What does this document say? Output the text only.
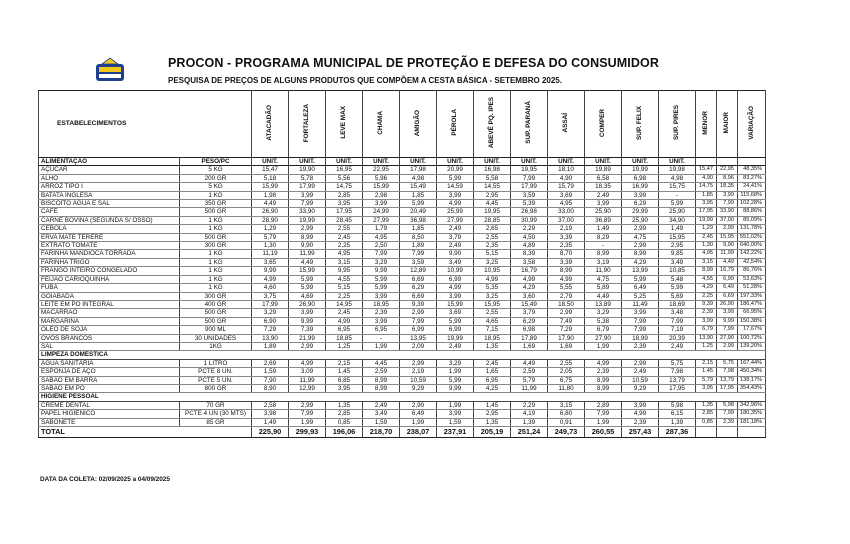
PROCON - PROGRAMA MUNICIPAL DE PROTEÇÃO E DEFESA DO CONSUMIDOR
PESQUISA DE PREÇOS DE ALGUNS PRODUTOS QUE COMPÕEM A CESTA BÁSICA - SETEMBRO 2025.
ESTABELECIMENTOS		ATACADÃO	FORTALEZA	LEVE MAX	CHAMA	AMIGÃO	PÉROLA	ABEVÊ PQ. IPES	SUP. PARANÁ	ASSAÍ	COMPER	SUP. FELIX	SUP. PIRES	MENOR	MAIOR	VARIAÇÃO
ALIMENTAÇÃO	PESO/PC	UNIT.	UNIT.	UNIT.	UNIT.	UNIT.	UNIT.	UNIT.	UNIT.	UNIT.	UNIT.	UNIT.	UNIT.			
AÇÚCAR	5 KG	15,47	19,90	16,95	22,95	17,98	20,99	16,98	19,95	18,10	19,89	19,99	19,98	15,47	22,95	48,35%
ALHO	200 GR	5,18	5,78	5,56	5,96	4,98	5,99	5,58	7,99	4,90	6,58	6,98	4,98	4,90	8,96	83,27%
ARROZ TIPO I	5 KG	15,99	17,99	14,75	15,99	15,49	14,59	14,55	17,99	15,79	18,35	16,99	15,75	14,75	18,35	24,41%
BATATA INGLESA	1 KG	1,98	3,99	2,85	2,98	1,85	3,99	2,95	3,59	3,69	2,49	3,99	-	1,85	3,99	115,68%
BISCOITO ÁGUA E SAL	350 GR	4,49	7,99	3,95	3,99	5,99	4,99	4,45	5,39	4,95	3,99	6,29	5,99	3,95	7,99	102,28%
CAFÉ	500 GR	26,90	33,90	17,95	24,99	20,49	25,99	19,95	26,98	33,00	25,90	29,99	25,90	17,95	33,90	88,86%
CARNE BOVINA (SEGUNDA S/ OSSO)	1 KG	28,90	19,99	28,45	27,99	36,98	27,99	28,85	30,99	37,00	36,89	25,90	34,90	19,99	37,00	85,09%
CEBOLA	1 KG	1,29	2,99	2,55	1,79	1,85	2,49	2,65	2,29	2,19	1,49	2,99	1,49	1,29	2,99	131,78%
ERVA MATE TERERÉ	500 GR	5,79	8,99	2,45	4,95	8,50	3,79	2,55	4,50	3,39	8,29	4,75	15,95	2,45	15,95	551,02%
EXTRATO TOMATE	300 GR	1,30	9,90	2,25	2,50	1,89	2,49	2,35	4,89	2,35	-	2,99	2,95	1,30	9,90	640,00%
FARINHA MANDIOCA TORRADA	1 KG	11,19	11,99	4,95	7,99	7,99	9,90	5,15	8,39	8,70	8,99	8,99	9,85	4,95	11,99	142,22%
FARINHA TRIGO	1 KG	3,65	4,49	3,15	3,29	3,59	3,49	3,25	3,58	3,39	3,19	4,29	3,49	3,15	4,49	42,54%
FRANGO INTEIRO CONGELADO	1 KG	9,99	15,99	9,95	9,99	12,89	10,99	10,95	16,79	8,99	11,90	13,99	10,85	8,99	16,79	86,76%
FEIJÃO CARIOQUINHA	1 KG	4,99	5,99	4,55	5,99	6,69	6,99	4,99	4,99	4,99	4,75	5,99	5,48	4,55	6,99	53,63%
FUBÁ	1 KG	4,60	5,99	5,15	5,99	6,29	4,99	5,35	4,29	5,55	5,89	6,49	5,99	4,29	6,49	51,28%
GOIABADA	300 GR	3,75	4,69	2,25	3,99	6,69	3,99	3,25	3,60	2,79	4,49	5,25	5,69	2,25	6,69	197,33%
LEITE EM PÓ INTEGRAL	400 GR	17,99	26,90	14,95	18,95	9,39	15,99	15,95	15,49	18,50	13,89	11,49	18,69	9,39	26,90	186,47%
MACARRÃO	500 GR	3,29	3,99	2,45	2,39	2,99	3,69	2,55	3,79	2,99	3,29	3,99	3,48	2,39	3,99	66,95%
MARGARINA	500 GR	6,90	9,99	4,99	3,99	7,99	5,99	4,65	6,29	7,49	5,38	7,99	7,99	3,99	9,99	150,38%
ÓLEO DE SOJA	900 ML	7,29	7,39	6,95	6,95	6,99	6,99	7,15	6,98	7,29	6,79	7,99	7,19	6,79	7,99	17,67%
OVOS BRANCOS	30 UNIDADES	13,90	21,99	18,85	-	13,95	19,99	18,95	17,89	17,90	27,90	18,99	20,39	13,90	27,90	100,72%
SAL	1KG	1,89	2,99	1,25	1,99	2,09	2,49	1,35	1,69	1,69	1,99	2,39	2,49	1,25	2,99	139,20%
LIMPEZA DOMÉSTICA																
ÁGUA SANITÁRIA	1 LITRO	2,69	4,99	2,15	4,45	2,99	3,29	2,45	4,49	2,55	4,99	2,99	5,75	2,15	5,75	167,44%
ESPONJA DE AÇO	PCTE 8 UN.	1,59	3,09	1,45	2,59	2,19	1,99	1,65	2,59	2,05	2,39	2,49	7,98	1,45	7,98	450,34%
SABÃO EM BARRA	PCTE 5 UN.	7,90	11,99	6,85	8,99	10,59	5,99	6,95	5,79	6,75	8,99	10,59	13,79	5,79	13,79	138,17%
SABÃO EM PÓ	800 GR	8,90	12,99	3,95	8,99	9,29	9,99	4,25	11,99	11,80	8,99	9,29	17,95	3,95	17,95	354,43%
HIGIENE PESSOAL																
CREME DENTAL	70 GR	2,58	2,99	1,35	2,49	2,90	1,99	1,45	2,29	3,15	2,89	3,99	5,98	1,35	5,98	342,96%
PAPEL HIGIÊNICO	PCTE 4 UN (30 MTS)	3,98	7,99	2,85	3,49	6,49	3,99	2,95	4,19	6,80	7,99	4,99	6,15	2,85	7,99	180,35%
SABONETE	85 GR	1,49	1,99	0,85	1,59	1,99	1,59	1,35	1,39	0,91	1,99	2,39	1,39	0,85	2,39	181,18%
TOTAL		225,90	299,93	196,06	218,70	238,07	237,91	205,19	251,24	249,73	260,55	257,43	287,36			
DATA DA COLETA: 02/09/2025 a 04/09/2025
